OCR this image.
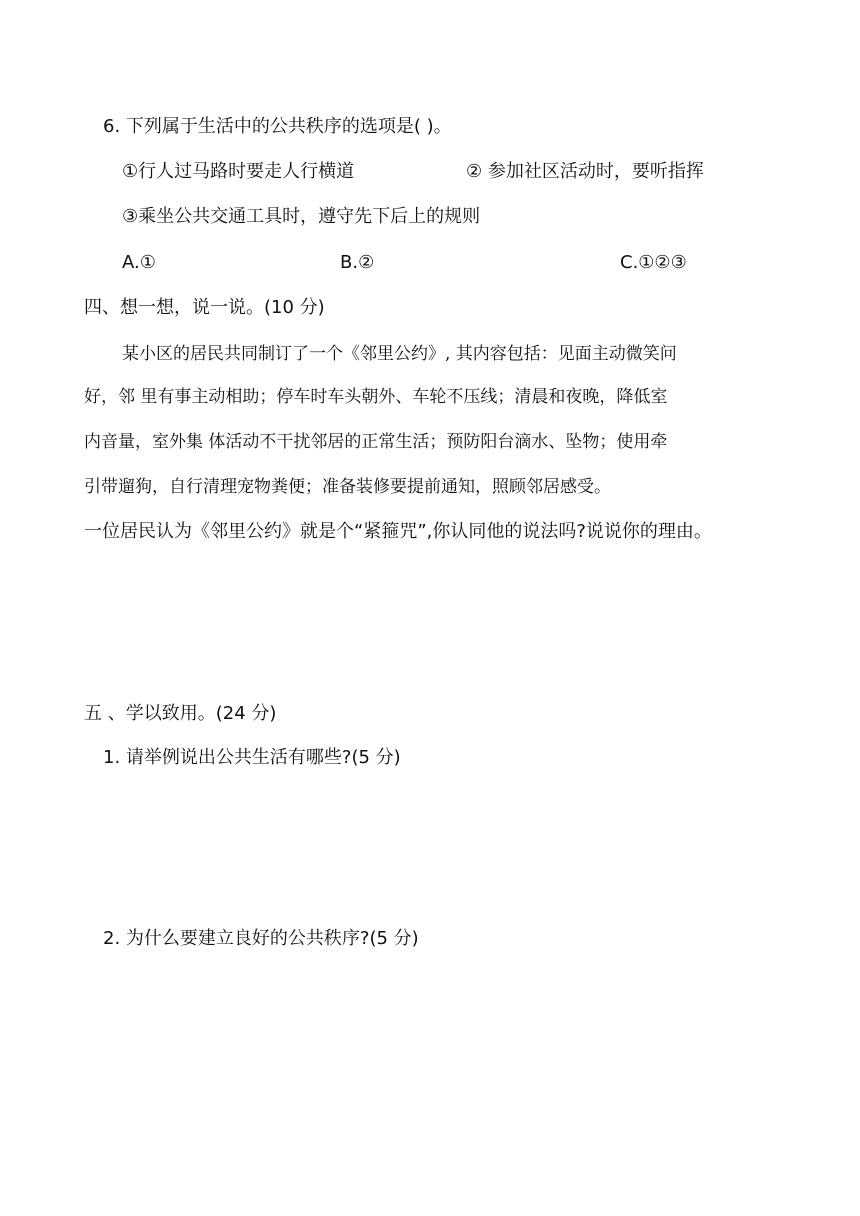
6. 下列属于生活中的公共秩序的选项是( )。
①行人过马路时要走人行横道	② 参加社区活动时，要听指挥
③乘坐公共交通工具时，遵守先下后上的规则
A.①	B.②	C.①②③
四、想一想，说一说。(10 分)
某小区的居民共同制订了一个《邻里公约》, 其内容包括：见面主动微笑问
好，邻 里有事主动相助；停车时车头朝外、车轮不压线；清晨和夜晚，降低室
内音量，室外集 体活动不干扰邻居的正常生活；预防阳台滴水、坠物；使用牵
引带遛狗，自行清理宠物粪便；准备装修要提前通知，照顾邻居感受。
一位居民认为《邻里公约》就是个“紧箍咒”,你认同他的说法吗?说说你的理由。
五 、学以致用。(24 分)
1. 请举例说出公共生活有哪些?(5 分)
2. 为什么要建立良好的公共秩序?(5 分)
